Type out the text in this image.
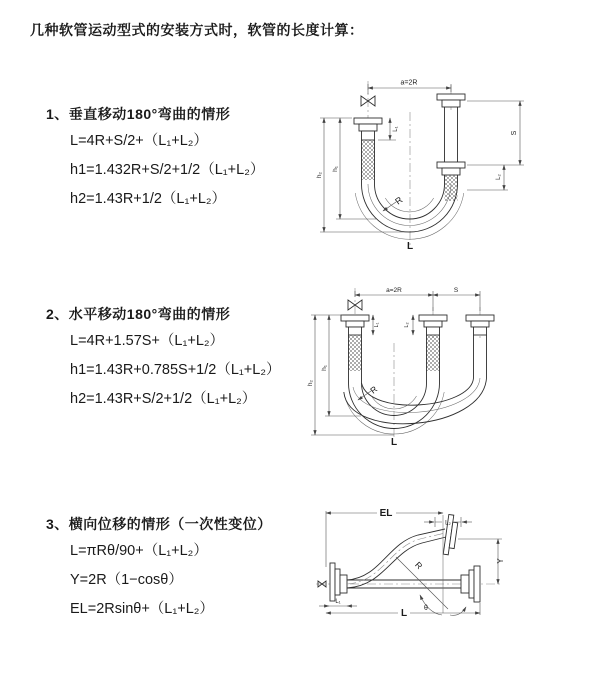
几种软管运动型式的安装方式时，软管的长度计算：

1、垂直移动180°弯曲的情形

L=4R+S/2+（L₁+L₂）

h1=1.432R+S/2+1/2（L₁+L₂）

h2=1.43R+1/2（L₁+L₂）

2、水平移动180°弯曲的情形

L=4R+1.57S+（L₁+L₂）

h1=1.43R+0.785S+1/2（L₁+L₂）

h2=1.43R+S/2+1/2（L₁+L₂）

3、横向位移的情形（一次性变位）

L=πRθ/90+（L₁+L₂）

Y=2R（1−cosθ）

EL=2Rsinθ+（L₁+L₂）

a=2R
h₁
h₂
S
L₂
L₁
R
L
a=2R	S
h₁
h₂
L₁	L₂
R
L
R
θ
EL
L₂
Y
L₁
L
